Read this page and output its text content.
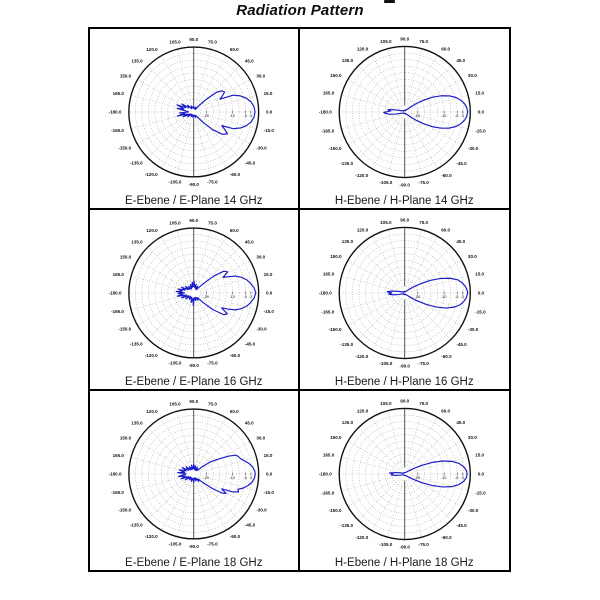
Radiation Pattern
90.0 75.0
60.0
45.0
30.0
15.0
0.0
-15.0
-30.0
-45.0
-60.0
-75.0
-90.0
-105.0
-120.0
-135.0
-150.0
-165.0
-180.0
165.0
150.0
135.0
120.0
105.0
-20	-10 -5 -3
E-Ebene / E-Plane 14 GHz
90.0 75.0
60.0
45.0
30.0
15.0
0.0
-15.0
-30.0
-45.0
-60.0
-75.0
-90.0
-105.0
-120.0
-135.0
-150.0
-165.0
-180.0
165.0
150.0
135.0
120.0
105.0
-20	-10 -5 -3
H-Ebene / H-Plane 14 GHz
90.0 75.0
60.0
45.0
30.0
15.0
0.0
-15.0
-30.0
-45.0
-60.0
-75.0
-90.0
-105.0
-120.0
-135.0
-150.0
-165.0
-180.0
165.0
150.0
135.0
120.0
105.0
-20	-10 -5 -3
E-Ebene / E-Plane 16 GHz
90.0 75.0
60.0
45.0
30.0
15.0
0.0
-15.0
-30.0
-45.0
-60.0
-75.0
-90.0
-105.0
-120.0
-135.0
-150.0
-165.0
-180.0
165.0
150.0
135.0
120.0
105.0
-20	-10 -5 -3
H-Ebene / H-Plane 16 GHz
90.0 75.0
60.0
45.0
30.0
15.0
0.0
-15.0
-30.0
-45.0
-60.0
-75.0
-90.0
-105.0
-120.0
-135.0
-150.0
-165.0
-180.0
165.0
150.0
135.0
120.0
105.0
-20	-10 -5 -3
E-Ebene / E-Plane 18 GHz
90.0 75.0
60.0
45.0
30.0
15.0
0.0
-15.0
-30.0
-45.0
-60.0
-75.0
-90.0
-105.0
-120.0
-135.0
-150.0
-165.0
-180.0
165.0
150.0
135.0
120.0
105.0
-20	-10 -5 -3
H-Ebene / H-Plane 18 GHz
